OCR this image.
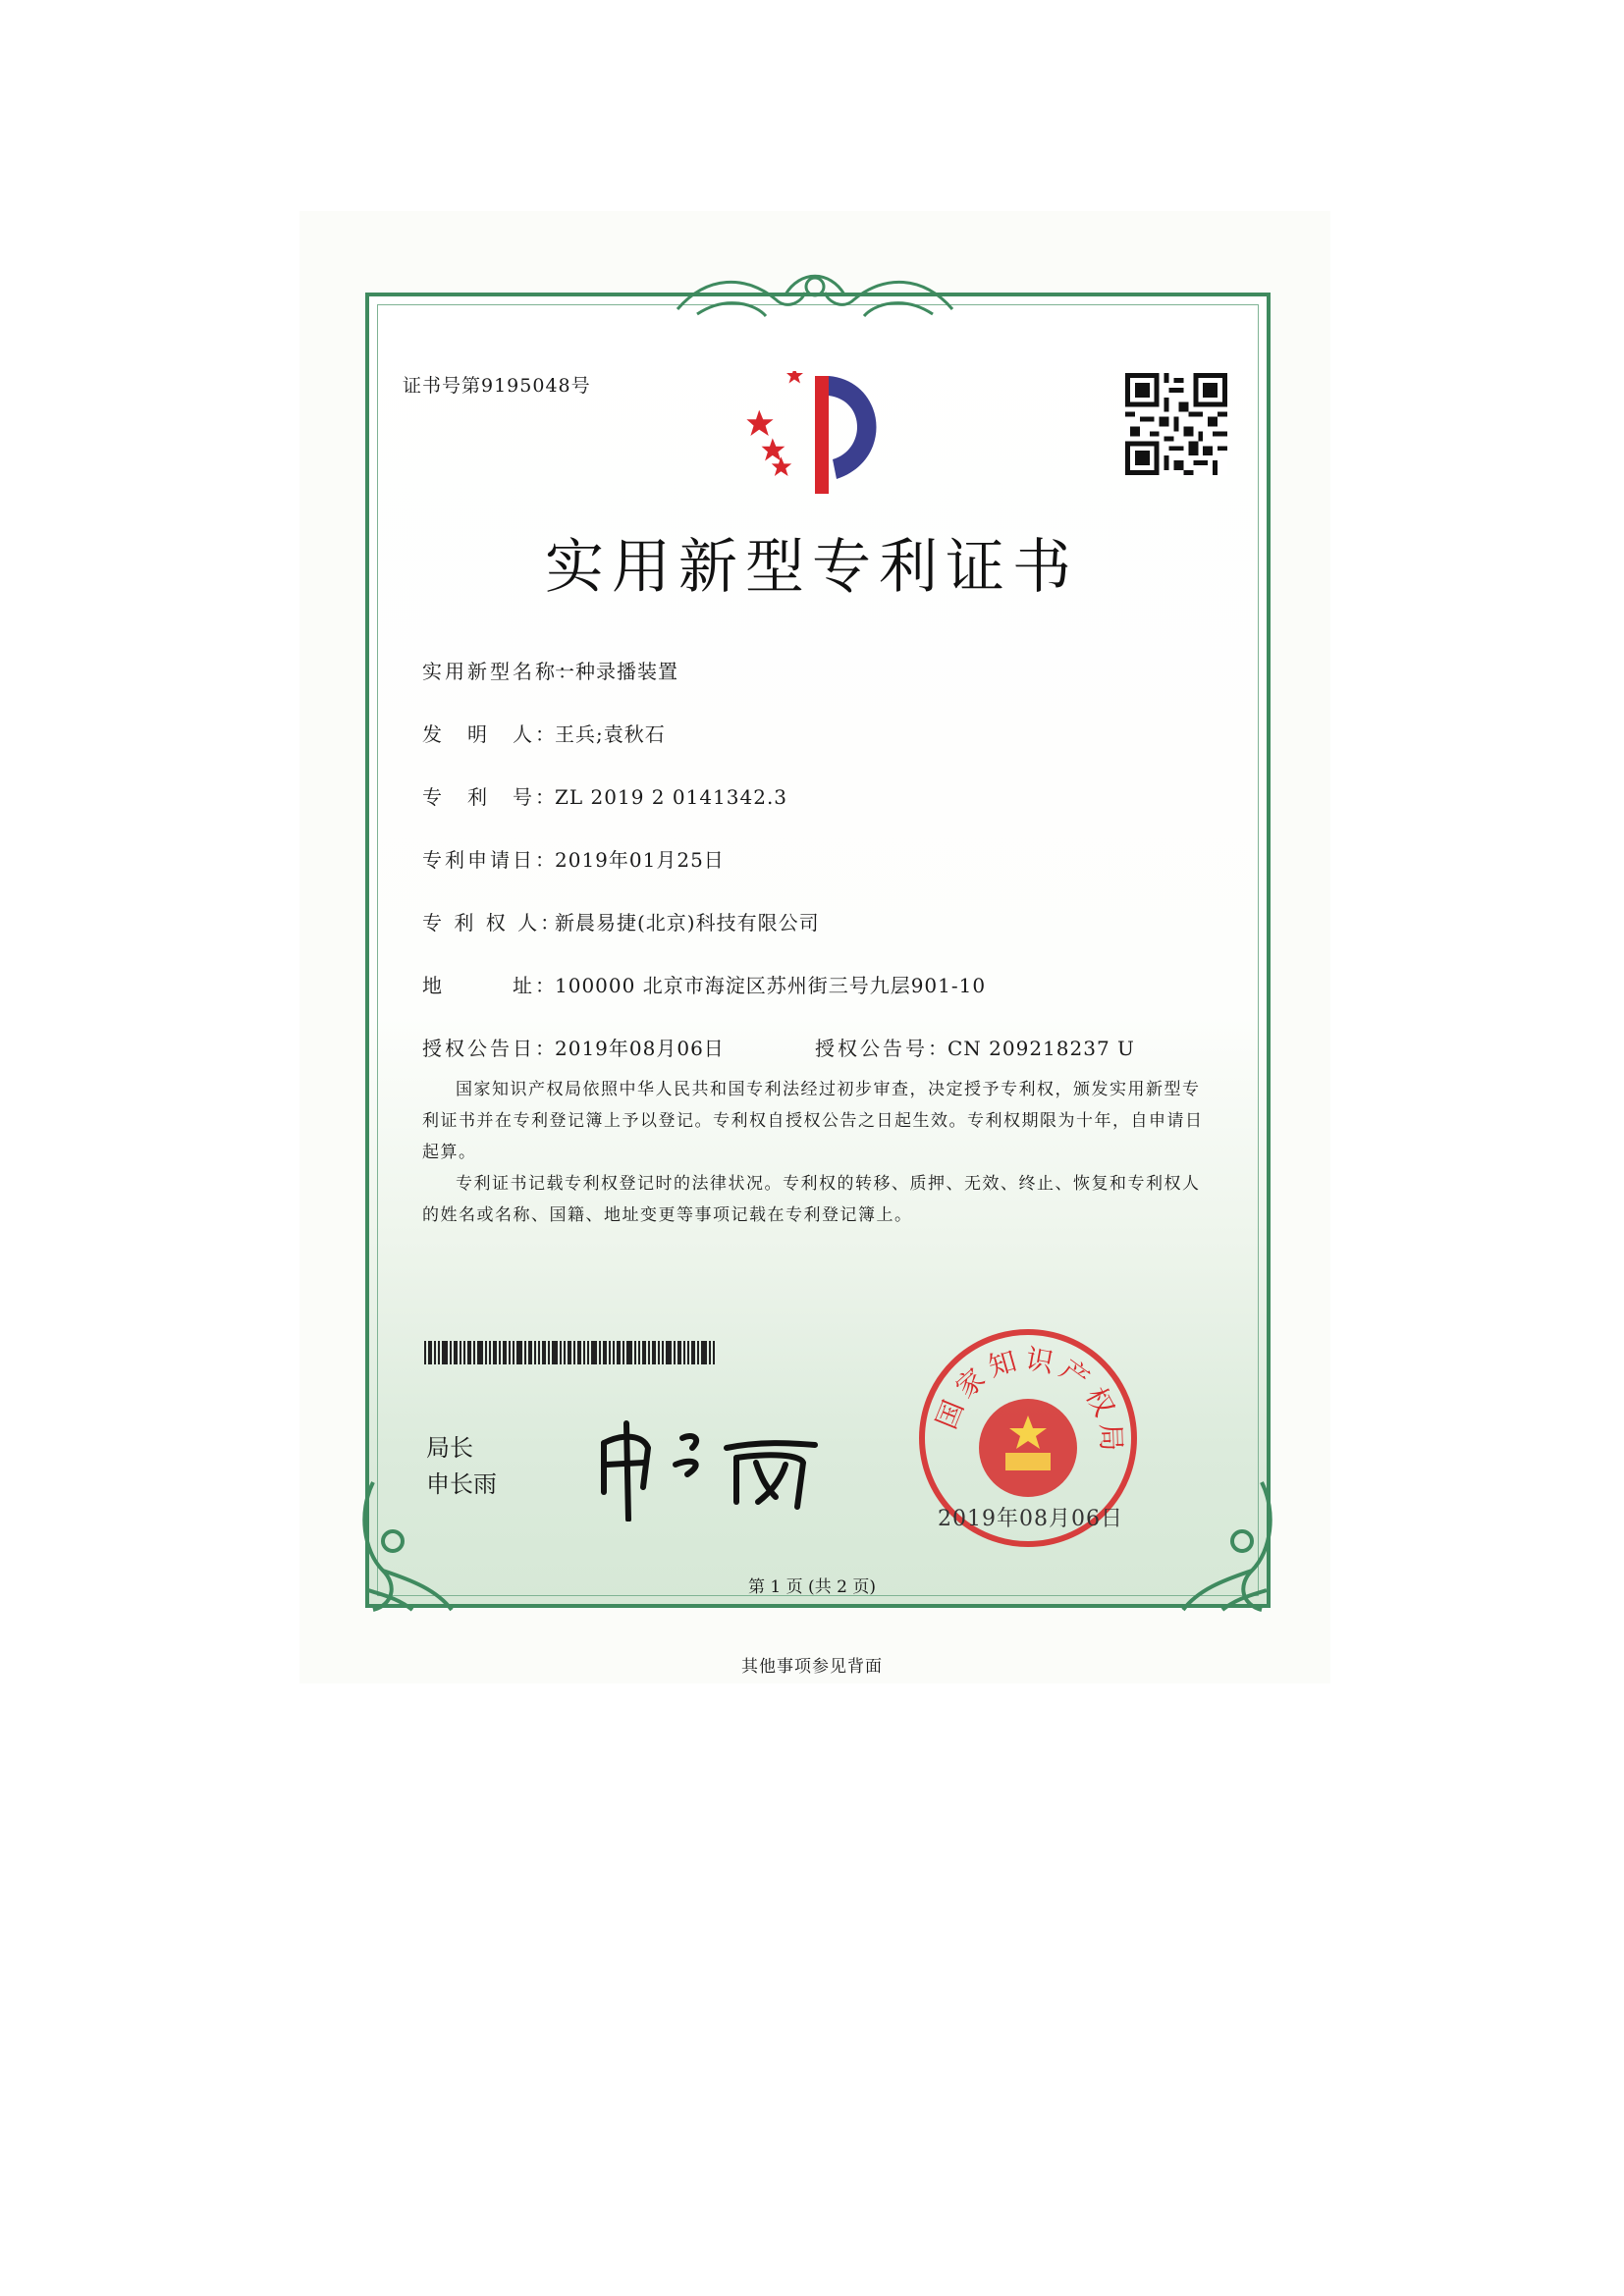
证书号第9195048号
实用新型专利证书
实用新型名称：一种录播装置
发　明　人：王兵;袁秋石
专　利　号：ZL 2019 2 0141342.3
专利申请日：2019年01月25日
专 利 权 人：新晨易捷(北京)科技有限公司
地　　　址：100000 北京市海淀区苏州街三号九层901-10
授权公告日：2019年08月06日	授权公告号：CN 209218237 U

国家知识产权局依照中华人民共和国专利法经过初步审查，决定授予专利权，颁发实用新型专利证书并在专利登记簿上予以登记。专利权自授权公告之日起生效。专利权期限为十年，自申请日起算。

专利证书记载专利权登记时的法律状况。专利权的转移、质押、无效、终止、恢复和专利权人的姓名或名称、国籍、地址变更等事项记载在专利登记簿上。

局长
申长雨
国家知识产权局
2019年08月06日
第 1 页 (共 2 页)
其他事项参见背面
